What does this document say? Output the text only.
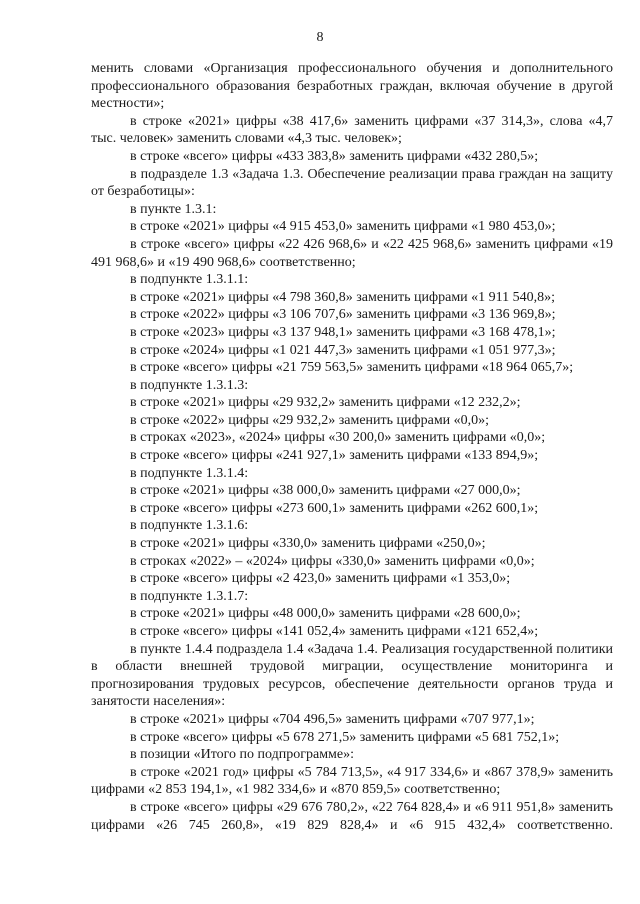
8

менить словами «Организация профессионального обучения и дополнительного профессионального образования безработных граждан, включая обучение в другой местности»;

в строке «2021» цифры «38 417,6» заменить цифрами «37 314,3», слова «4,7 тыс. человек» заменить словами «4,3 тыс. человек»;

в строке «всего» цифры «433 383,8» заменить цифрами «432 280,5»;

в подразделе 1.3 «Задача 1.3. Обеспечение реализации права граждан на защиту от безработицы»:

в пункте 1.3.1:

в строке «2021» цифры «4 915 453,0» заменить цифрами «1 980 453,0»;

в строке «всего» цифры «22 426 968,6» и «22 425 968,6» заменить цифрами «19 491 968,6» и «19 490 968,6» соответственно;

в подпункте 1.3.1.1:

в строке «2021» цифры «4 798 360,8» заменить цифрами «1 911 540,8»;

в строке «2022» цифры «3 106 707,6» заменить цифрами «3 136 969,8»;

в строке «2023» цифры «3 137 948,1» заменить цифрами «3 168 478,1»;

в строке «2024» цифры «1 021 447,3» заменить цифрами «1 051 977,3»;

в строке «всего» цифры «21 759 563,5» заменить цифрами «18 964 065,7»;

в подпункте 1.3.1.3:

в строке «2021» цифры «29 932,2» заменить цифрами «12 232,2»;

в строке «2022» цифры «29 932,2» заменить цифрами «0,0»;

в строках «2023», «2024» цифры «30 200,0» заменить цифрами «0,0»;

в строке «всего» цифры «241 927,1» заменить цифрами «133 894,9»;

в подпункте 1.3.1.4:

в строке «2021» цифры «38 000,0» заменить цифрами «27 000,0»;

в строке «всего» цифры «273 600,1» заменить цифрами «262 600,1»;

в подпункте 1.3.1.6:

в строке «2021» цифры «330,0» заменить цифрами «250,0»;

в строках «2022» – «2024» цифры «330,0» заменить цифрами «0,0»;

в строке «всего» цифры «2 423,0» заменить цифрами «1 353,0»;

в подпункте 1.3.1.7:

в строке «2021» цифры «48 000,0» заменить цифрами «28 600,0»;

в строке «всего» цифры «141 052,4» заменить цифрами «121 652,4»;

в пункте 1.4.4 подраздела 1.4 «Задача 1.4. Реализация государственной политики в области внешней трудовой миграции, осуществление мониторинга и прогнозирования трудовых ресурсов, обеспечение деятельности органов труда и занятости населения»:

в строке «2021» цифры «704 496,5» заменить цифрами «707 977,1»;

в строке «всего» цифры «5 678 271,5» заменить цифрами «5 681 752,1»;

в позиции «Итого по подпрограмме»:

в строке «2021 год» цифры «5 784 713,5», «4 917 334,6» и «867 378,9» заменить цифрами «2 853 194,1», «1 982 334,6» и «870 859,5» соответственно;

в строке «всего» цифры «29 676 780,2», «22 764 828,4» и «6 911 951,8» заменить цифрами «26 745 260,8», «19 829 828,4» и «6 915 432,4» соответственно.
